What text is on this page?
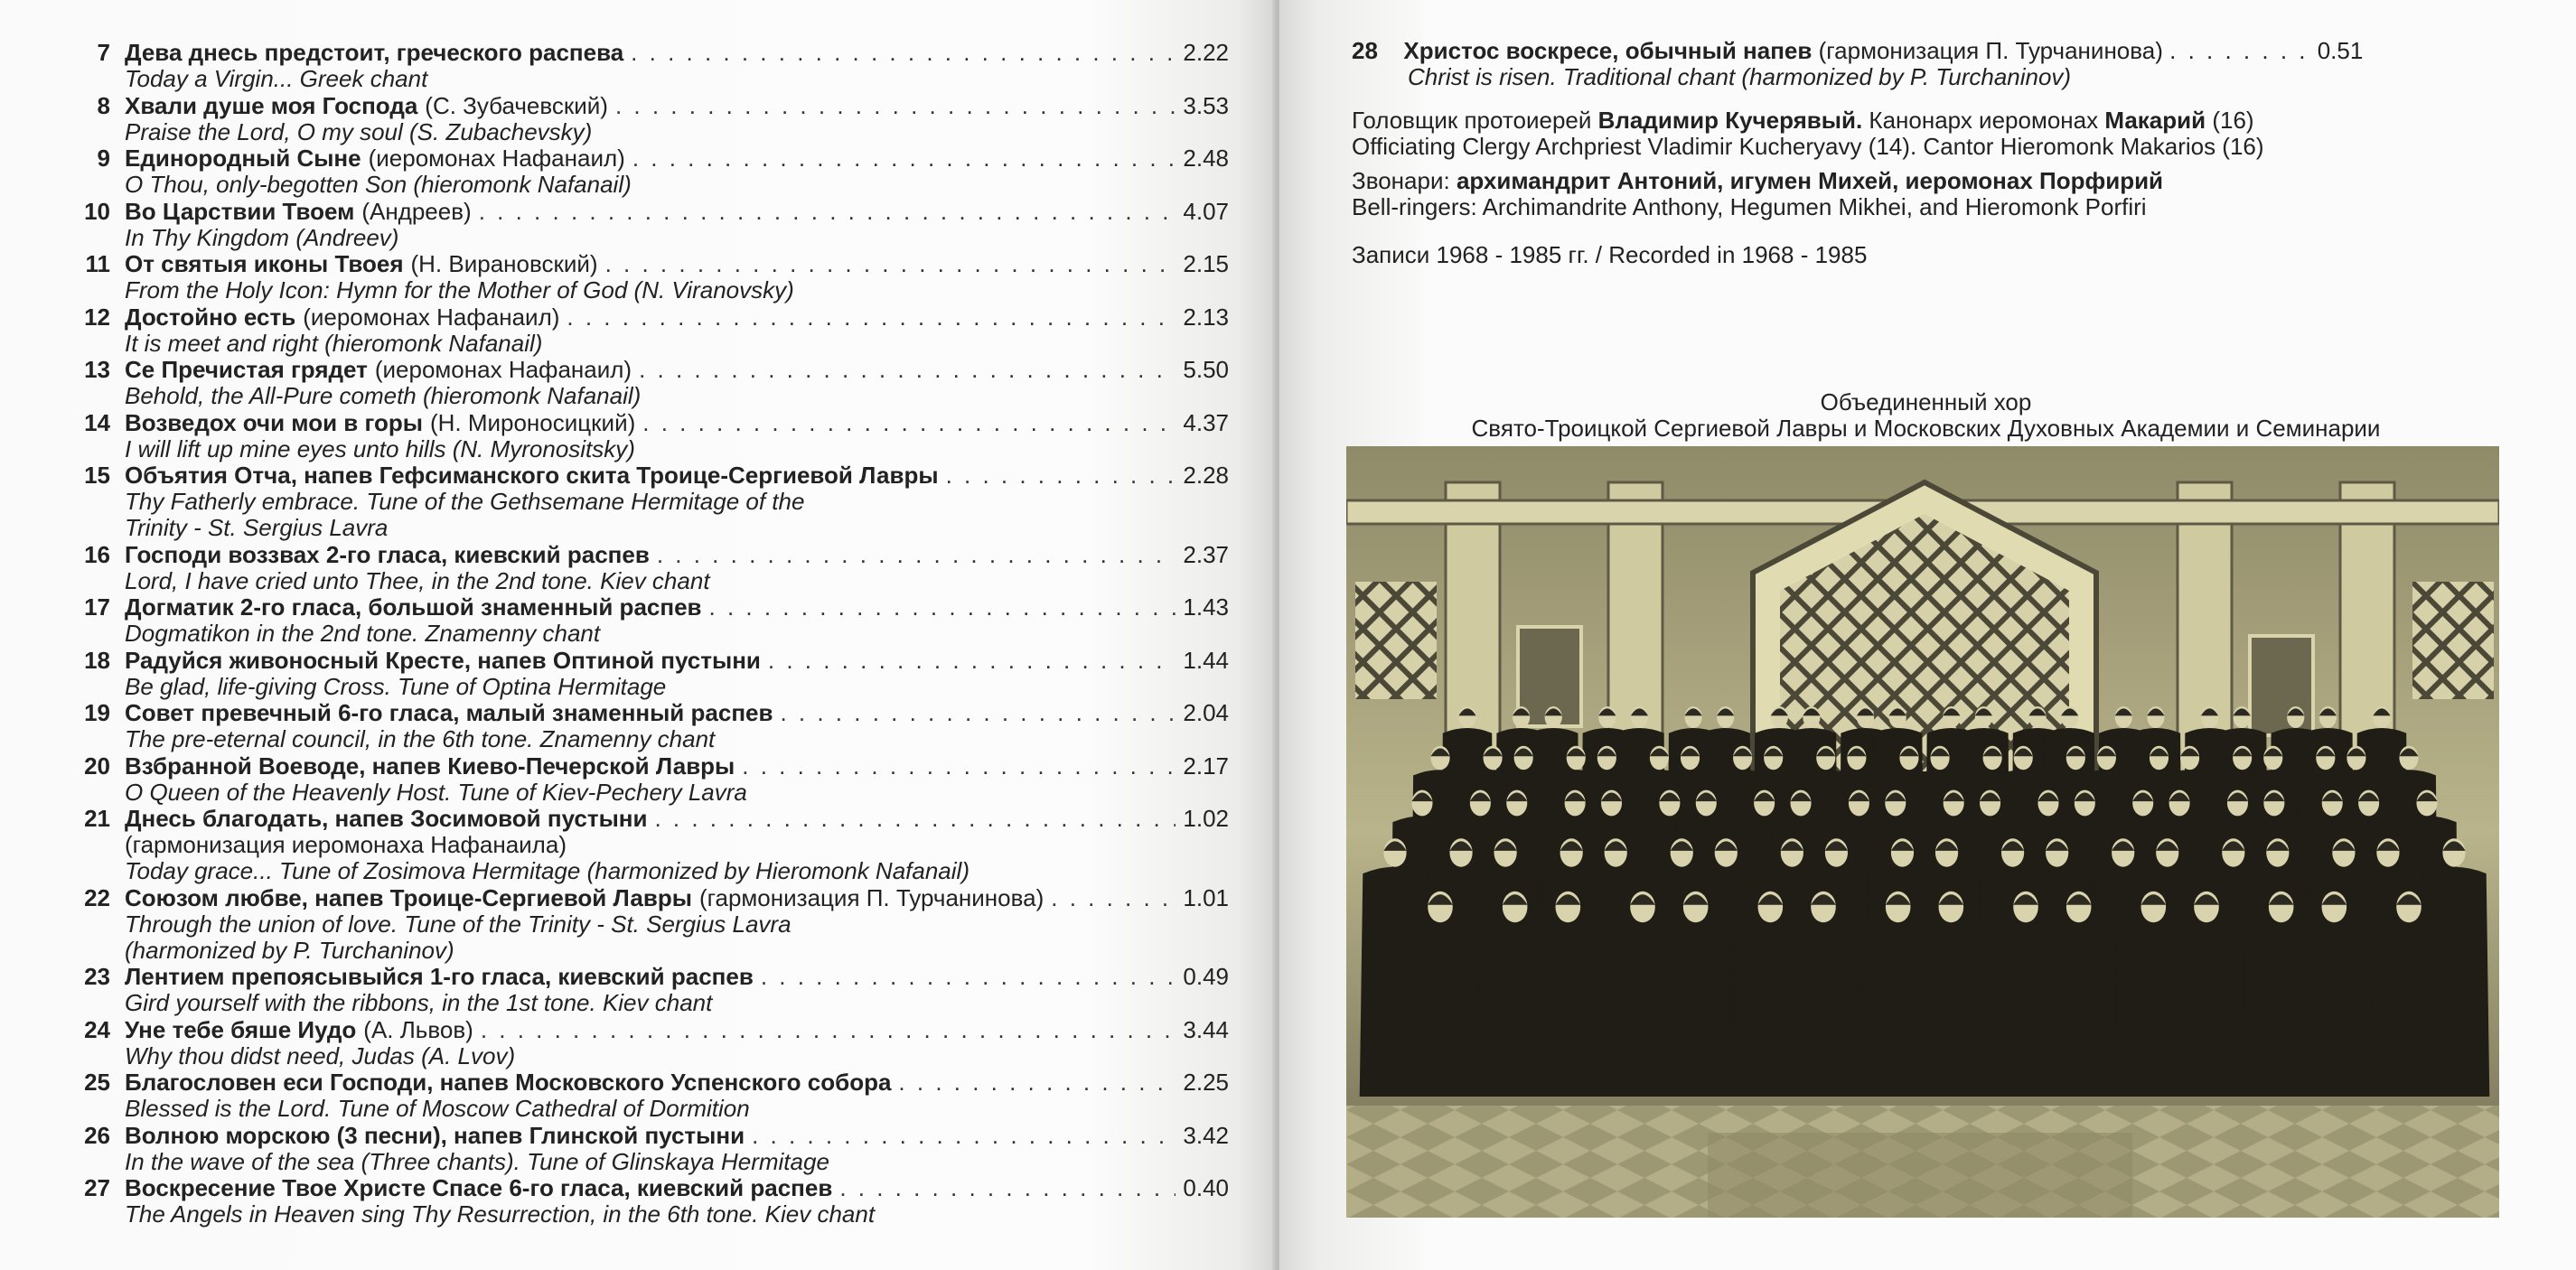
7 Дева днесь предстоит, греческого распева . . .	2.22
Today a Virgin... Greek chant
8 Хвали душе моя Господа (С. Зубачевский) . . .	3.53
Praise the Lord, O my soul (S. Zubachevsky)
9 Единородный Сыне (иеромонах Нафанаил) . . .	2.48
O Thou, only-begotten Son (hieromonk Nafanail)
10 Во Царствии Твоем (Андреев) . . .	4.07
In Thy Kingdom (Andreev)
11 От святыя иконы Твоея (Н. Вирановский) . . .	2.15
From the Holy Icon: Hymn for the Mother of God (N. Viranovsky)
12 Достойно есть (иеромонах Нафанаил) . . .	2.13
It is meet and right (hieromonk Nafanail)
13 Се Пречистая грядет (иеромонах Нафанаил) . . .	5.50
Behold, the All-Pure cometh (hieromonk Nafanail)
14 Возведох очи мои в горы (Н. Мироносицкий) . . .	4.37
I will lift up mine eyes unto hills (N. Myronositsky)
15 Объятия Отча, напев Гефсиманского скита Троице-Сергиевой Лавры . . .	2.28
Thy Fatherly embrace. Tune of the Gethsemane Hermitage of the
Trinity - St. Sergius Lavra
16 Господи воззвах 2-го гласа, киевский распев . . .	2.37
Lord, I have cried unto Thee, in the 2nd tone. Kiev chant
17 Догматик 2-го гласа, большой знаменный распев . . .	1.43
Dogmatikon in the 2nd tone. Znamenny chant
18 Радуйся живоносный Кресте, напев Оптиной пустыни . . .	1.44
Be glad, life-giving Cross. Tune of Optina Hermitage
19 Совет превечный 6-го гласа, малый знаменный распев . . .	2.04
The pre-eternal council, in the 6th tone. Znamenny chant
20 Взбранной Воеводе, напев Киево-Печерской Лавры . . .	2.17
O Queen of the Heavenly Host. Tune of Kiev-Pechery Lavra
21 Днесь благодать, напев Зосимовой пустыни . . .	1.02
(гармонизация иеромонаха Нафанаила)
Today grace... Tune of Zosimova Hermitage (harmonized by Hieromonk Nafanail)
22 Союзом любве, напев Троице-Сергиевой Лавры (гармонизация П. Турчанинова) . . .	1.01
Through the union of love. Tune of the Trinity - St. Sergius Lavra
(harmonized by P. Turchaninov)
23 Лентием препоясывыйся 1-го гласа, киевский распев . . .	0.49
Gird yourself with the ribbons, in the 1st tone. Kiev chant
24 Уне тебе бяше Иудо (А. Львов) . . .	3.44
Why thou didst need, Judas (A. Lvov)
25 Благословен еси Господи, напев Московского Успенского собора . . .	2.25
Blessed is the Lord. Tune of Moscow Cathedral of Dormition
26 Волною морскою (3 песни), напев Глинской пустыни . . .	3.42
In the wave of the sea (Three chants). Tune of Glinskaya Hermitage
27 Воскресение Твое Христе Спасе 6-го гласа, киевский распев . . .	0.40
The Angels in Heaven sing Thy Resurrection, in the 6th tone. Kiev chant
28 Христос воскресе, обычный напев (гармонизация П. Турчанинова) . . . . . . . . 0.51
Christ is risen. Traditional chant (harmonized by P. Turchaninov)
Головщик протоиерей Владимир Кучерявый. Канонарх иеромонах Макарий (16)
Officiating Clergy Archpriest Vladimir Kucheryavy (14). Cantor Hieromonk Makarios (16)
Звонари: архимандрит Антоний, игумен Михей, иеромонах Порфирий
Bell-ringers: Archimandrite Anthony, Hegumen Mikhei, and Hieromonk Porfiri
Записи 1968 - 1985 гг. / Recorded in 1968 - 1985
Объединенный хор
Свято-Троицкой Сергиевой Лавры и Московских Духовных Академии и Семинарии
